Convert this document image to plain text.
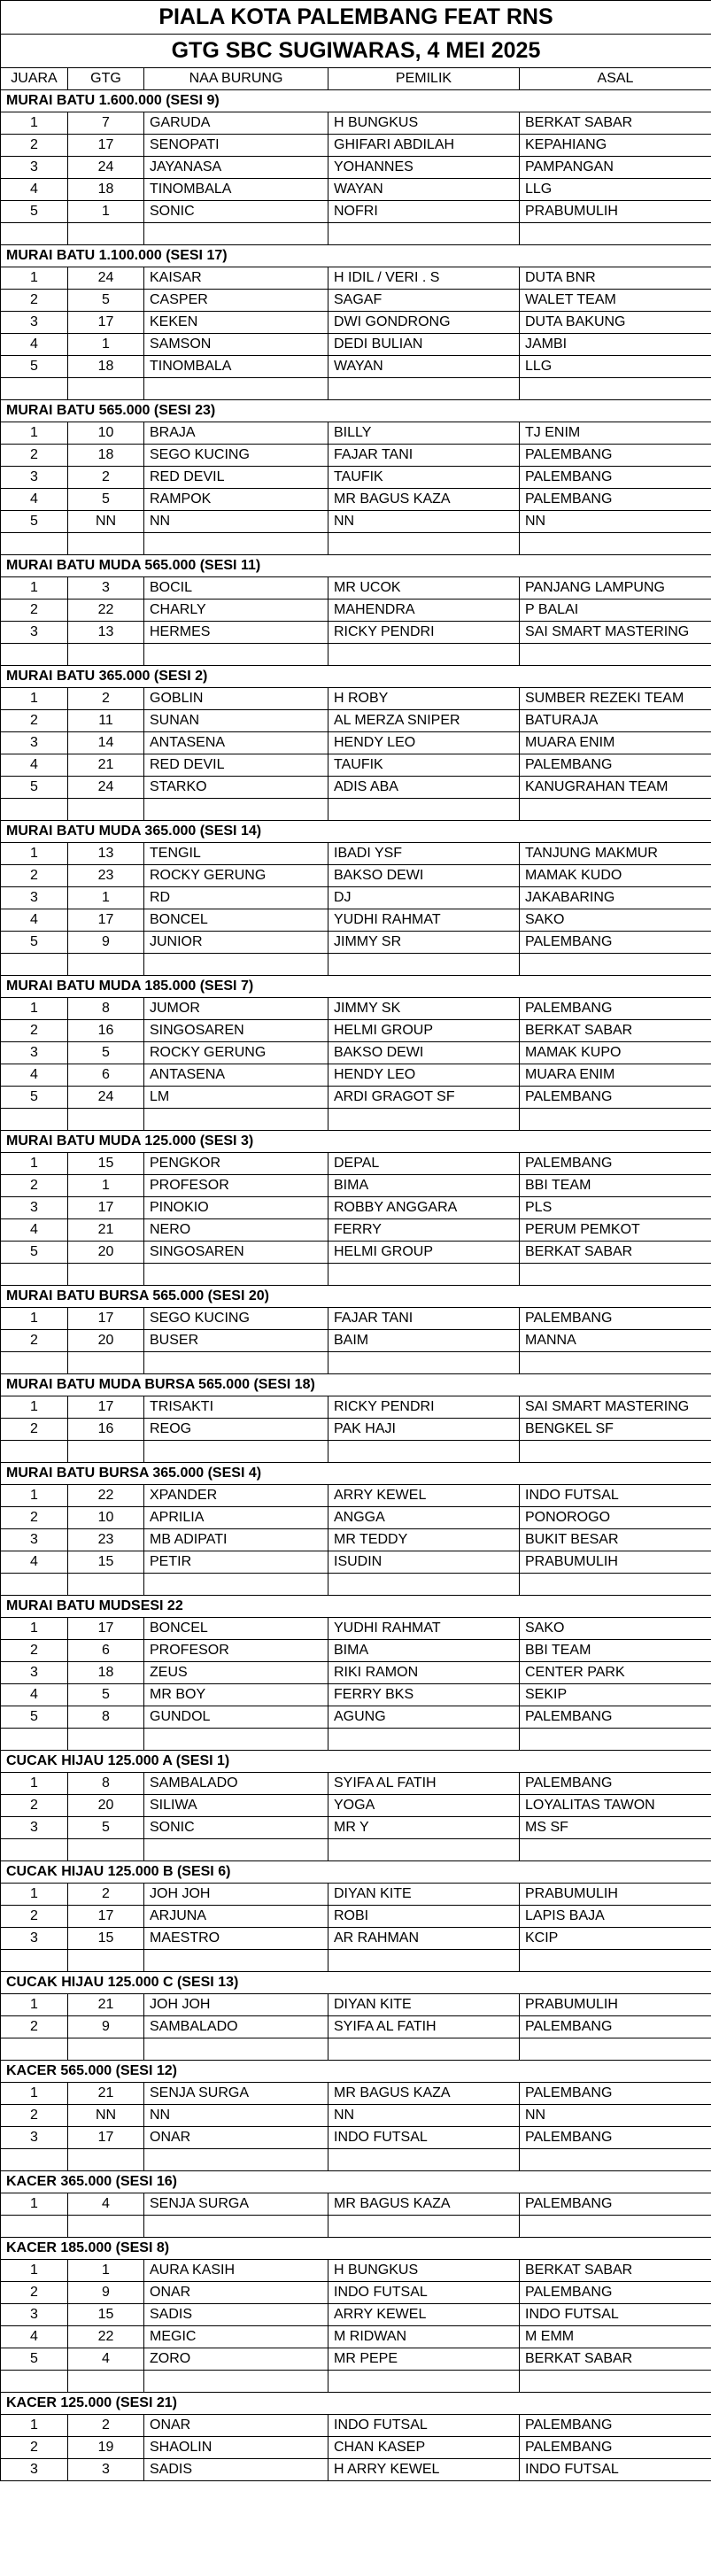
PIALA KOTA PALEMBANG FEAT RNS				
GTG SBC SUGIWARAS, 4 MEI 2025				
JUARA	GTG	NAA BURUNG	PEMILIK	ASAL
MURAI BATU 1.600.000 (SESI 9)				
1	7	GARUDA	H BUNGKUS	BERKAT SABAR
2	17	SENOPATI	GHIFARI ABDILAH	KEPAHIANG
3	24	JAYANASA	YOHANNES	PAMPANGAN
4	18	TINOMBALA	WAYAN	LLG
5	1	SONIC	NOFRI	PRABUMULIH

MURAI BATU 1.100.000 (SESI 17)				
1	24	KAISAR	H IDIL / VERI . S	DUTA BNR
2	5	CASPER	SAGAF	WALET TEAM
3	17	KEKEN	DWI GONDRONG	DUTA BAKUNG
4	1	SAMSON	DEDI BULIAN	JAMBI
5	18	TINOMBALA	WAYAN	LLG

MURAI BATU 565.000 (SESI 23)				
1	10	BRAJA	BILLY	TJ ENIM
2	18	SEGO KUCING	FAJAR TANI	PALEMBANG
3	2	RED DEVIL	TAUFIK	PALEMBANG
4	5	RAMPOK	MR BAGUS KAZA	PALEMBANG
5	NN	NN	NN	NN

MURAI BATU MUDA 565.000 (SESI 11)				
1	3	BOCIL	MR UCOK	PANJANG LAMPUNG
2	22	CHARLY	MAHENDRA	P BALAI
3	13	HERMES	RICKY PENDRI	SAI SMART MASTERING

MURAI BATU 365.000 (SESI 2)				
1	2	GOBLIN	H ROBY	SUMBER REZEKI TEAM
2	11	SUNAN	AL MERZA SNIPER	BATURAJA
3	14	ANTASENA	HENDY LEO	MUARA ENIM
4	21	RED DEVIL	TAUFIK	PALEMBANG
5	24	STARKO	ADIS ABA	KANUGRAHAN TEAM

MURAI BATU MUDA 365.000 (SESI 14)				
1	13	TENGIL	IBADI YSF	TANJUNG MAKMUR
2	23	ROCKY GERUNG	BAKSO DEWI	MAMAK KUDO
3	1	RD	DJ	JAKABARING
4	17	BONCEL	YUDHI RAHMAT	SAKO
5	9	JUNIOR	JIMMY SR	PALEMBANG

MURAI BATU MUDA 185.000 (SESI 7)				
1	8	JUMOR	JIMMY SK	PALEMBANG
2	16	SINGOSAREN	HELMI GROUP	BERKAT SABAR
3	5	ROCKY GERUNG	BAKSO DEWI	MAMAK KUPO
4	6	ANTASENA	HENDY LEO	MUARA ENIM
5	24	LM	ARDI GRAGOT SF	PALEMBANG

MURAI BATU MUDA 125.000 (SESI 3)				
1	15	PENGKOR	DEPAL	PALEMBANG
2	1	PROFESOR	BIMA	BBI TEAM
3	17	PINOKIO	ROBBY ANGGARA	PLS
4	21	NERO	FERRY	PERUM PEMKOT
5	20	SINGOSAREN	HELMI GROUP	BERKAT SABAR

MURAI BATU BURSA 565.000 (SESI 20)				
1	17	SEGO KUCING	FAJAR TANI	PALEMBANG
2	20	BUSER	BAIM	MANNA

MURAI BATU MUDA BURSA 565.000 (SESI 18)				
1	17	TRISAKTI	RICKY PENDRI	SAI SMART MASTERING
2	16	REOG	PAK HAJI	BENGKEL SF

MURAI BATU BURSA 365.000 (SESI 4)				
1	22	XPANDER	ARRY KEWEL	INDO FUTSAL
2	10	APRILIA	ANGGA	PONOROGO
3	23	MB ADIPATI	MR TEDDY	BUKIT BESAR
4	15	PETIR	ISUDIN	PRABUMULIH

MURAI BATU MUDSESI 22				
1	17	BONCEL	YUDHI RAHMAT	SAKO
2	6	PROFESOR	BIMA	BBI TEAM
3	18	ZEUS	RIKI RAMON	CENTER PARK
4	5	MR BOY	FERRY BKS	SEKIP
5	8	GUNDOL	AGUNG	PALEMBANG

CUCAK HIJAU 125.000 A (SESI 1)				
1	8	SAMBALADO	SYIFA AL FATIH	PALEMBANG
2	20	SILIWA	YOGA	LOYALITAS TAWON
3	5	SONIC	MR Y	MS SF

CUCAK HIJAU 125.000 B (SESI 6)				
1	2	JOH JOH	DIYAN KITE	PRABUMULIH
2	17	ARJUNA	ROBI	LAPIS BAJA
3	15	MAESTRO	AR RAHMAN	KCIP

CUCAK HIJAU 125.000 C (SESI 13)				
1	21	JOH JOH	DIYAN KITE	PRABUMULIH
2	9	SAMBALADO	SYIFA AL FATIH	PALEMBANG

KACER 565.000 (SESI 12)				
1	21	SENJA SURGA	MR BAGUS KAZA	PALEMBANG
2	NN	NN	NN	NN
3	17	ONAR	INDO FUTSAL	PALEMBANG

KACER 365.000 (SESI 16)				
1	4	SENJA SURGA	MR BAGUS KAZA	PALEMBANG

KACER 185.000 (SESI 8)				
1	1	AURA KASIH	H BUNGKUS	BERKAT SABAR
2	9	ONAR	INDO FUTSAL	PALEMBANG
3	15	SADIS	ARRY KEWEL	INDO FUTSAL
4	22	MEGIC	M RIDWAN	M EMM
5	4	ZORO	MR PEPE	BERKAT SABAR

KACER 125.000 (SESI 21)				
1	2	ONAR	INDO FUTSAL	PALEMBANG
2	19	SHAOLIN	CHAN KASEP	PALEMBANG
3	3	SADIS	H ARRY KEWEL	INDO FUTSAL
